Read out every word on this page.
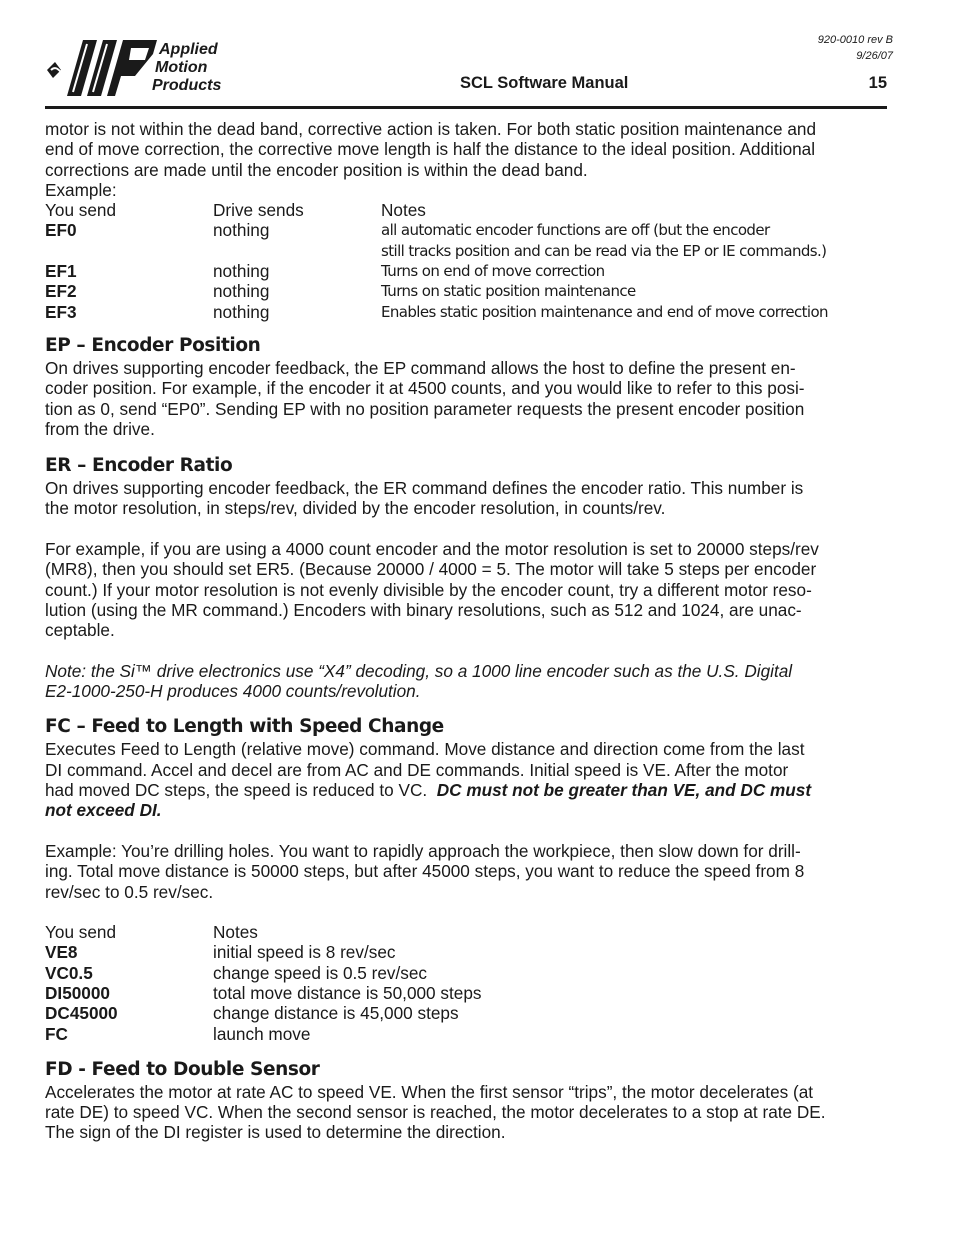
Applied
Motion
Products
920-0010 rev B
9/26/07
SCL Software Manual	15

motor is not within the dead band, corrective action is taken. For both static position maintenance and

end of move correction, the corrective move length is half the distance to the ideal position. Additional

corrections are made until the encoder position is within the dead band.

Example:

You send	Drive sends	Notes
EF0	nothing	all automatic encoder functions are off (but the encoder
still tracks position and can be read via the EP or IE commands.)
EF1	nothing	Turns on end of move correction
EF2	nothing	Turns on static position maintenance
EF3	nothing	Enables static position maintenance and end of move correction
EP – Encoder Position

On drives supporting encoder feedback, the EP command allows the host to define the present en-

coder position. For example, if the encoder it at 4500 counts, and you would like to refer to this posi-

tion as 0, send “EP0”. Sending EP with no position parameter requests the present encoder position

from the drive.

ER – Encoder Ratio

On drives supporting encoder feedback, the ER command defines the encoder ratio. This number is

the motor resolution, in steps/rev, divided by the encoder resolution, in counts/rev.

For example, if you are using a 4000 count encoder and the motor resolution is set to 20000 steps/rev

(MR8), then you should set ER5. (Because 20000 / 4000 = 5. The motor will take 5 steps per encoder

count.) If your motor resolution is not evenly divisible by the encoder count, try a different motor reso-

lution (using the MR command.) Encoders with binary resolutions, such as 512 and 1024, are unac-

ceptable.

Note: the Si™ drive electronics use “X4” decoding, so a 1000 line encoder such as the U.S. Digital

E2-1000-250-H produces 4000 counts/revolution.

FC – Feed to Length with Speed Change

Executes Feed to Length (relative move) command. Move distance and direction come from the last

DI command. Accel and decel are from AC and DE commands. Initial speed is VE. After the motor

had moved DC steps, the speed is reduced to VC.  DC must not be greater than VE, and DC must

not exceed DI.

Example: You’re drilling holes. You want to rapidly approach the workpiece, then slow down for drill-

ing. Total move distance is 50000 steps, but after 45000 steps, you want to reduce the speed from 8

rev/sec to 0.5 rev/sec.

You send	Notes
VE8	initial speed is 8 rev/sec
VC0.5	change speed is 0.5 rev/sec
DI50000	total move distance is 50,000 steps
DC45000	change distance is 45,000 steps
FC	launch move
FD - Feed to Double Sensor

Accelerates the motor at rate AC to speed VE. When the first sensor “trips”, the motor decelerates (at

rate DE) to speed VC. When the second sensor is reached, the motor decelerates to a stop at rate DE.

The sign of the DI register is used to determine the direction.
